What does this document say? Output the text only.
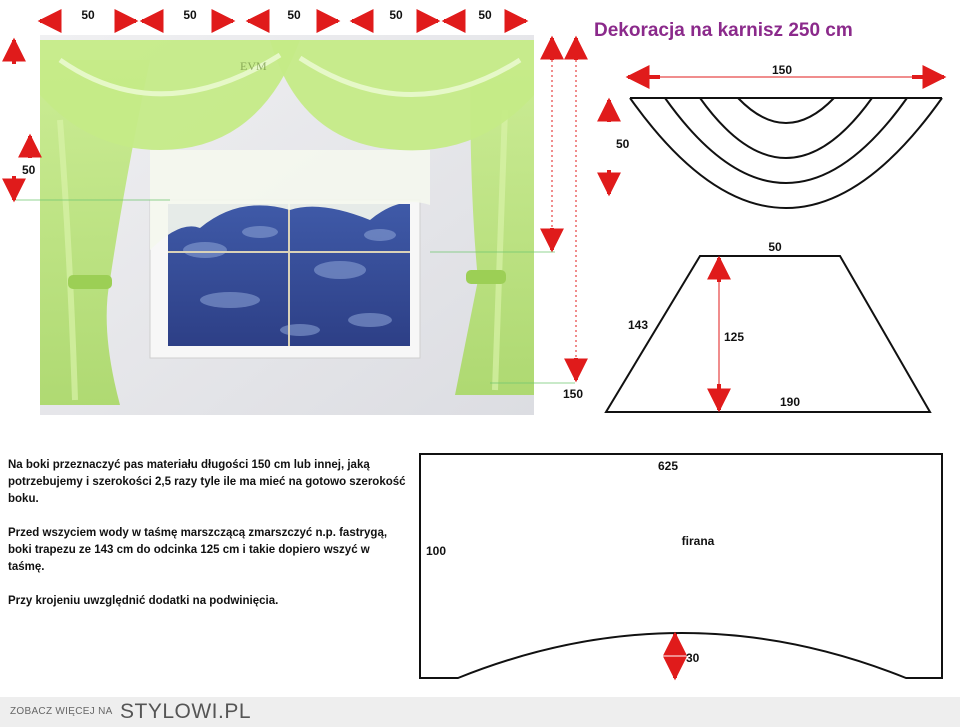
Dekoracja na karnisz 250 cm
EVM
50	50	50	50	50
50
150
150
50
50
143
125
190
625
100
firana
30

Na boki przeznaczyć pas materiału długości 150 cm lub innej, jaką potrzebujemy i szerokości 2,5 razy tyle ile ma mieć na gotowo szerokość boku.

Przed wszyciem wody w taśmę marszczącą zmarszczyć n.p. fastrygą, boki trapezu ze 143 cm do odcinka 125 cm i takie dopiero wszyć w taśmę.

Przy krojeniu uwzględnić dodatki na podwinięcia.

ZOBACZ WIĘCEJ NA STYLOWI.PL
